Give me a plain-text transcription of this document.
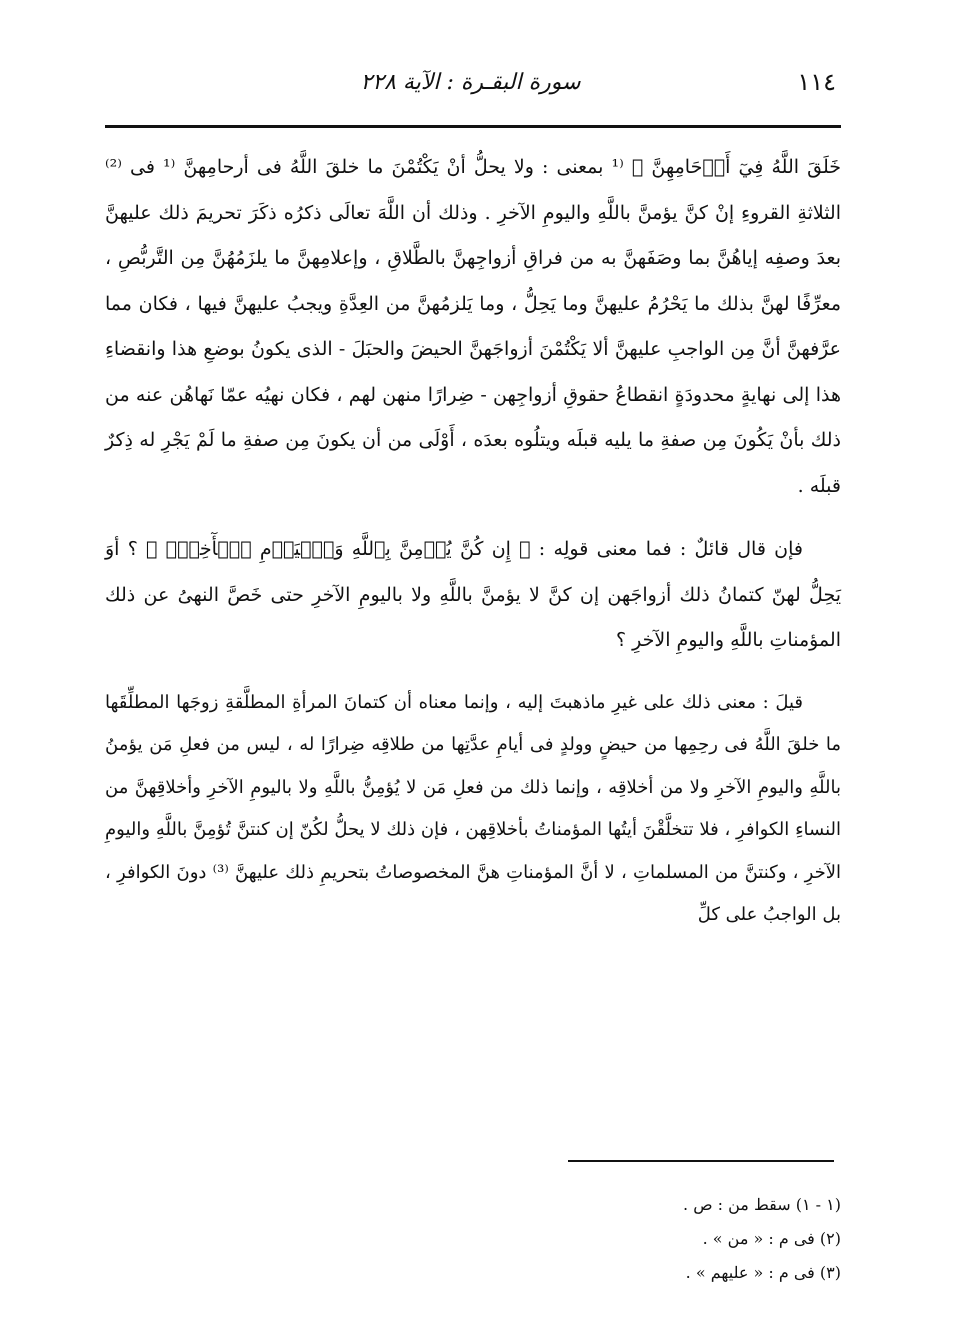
١١٤
سورة البقـرة : الآية ٢٢٨

خَلَقَ اللَّهُ فِيٓ أَرۡحَامِهِنَّ ﴾ ⁽¹ بمعنى : ولا يحلُّ أنْ يَكْتُمْنَ ما خلقَ اللَّهُ فى أرحامِهنَّ ⁽¹ فى ⁽²⁾ الثلاثةِ القروءِ إنْ كنَّ يؤمنَّ باللَّهِ واليومِ الآخرِ . وذلك أن اللَّهَ تعالَى ذكرُه ذكَرَ تحريمَ ذلك عليهنَّ بعدَ وصفِه إياهُنَّ بما وصَفَهنَّ به من فراقِ أزواجِهنَّ بالطَّلاقِ ، وإعلامِهنَّ ما يلزَمُهُنَّ مِن التَّربُّصِ ، معرِّفًا لهنَّ بذلك ما يَحْرُمُ عليهنَّ وما يَحِلُّ ، وما يَلزمُهنَّ من العِدَّةِ ويجبُ عليهنَّ فيها ، فكان مما عرَّفهنَّ أنَّ مِن الواجبِ عليهنَّ ألا يَكْتُمْنَ أزواجَهنَّ الحيضَ والحبَلَ - الذى يكونُ بوضعِ هذا وانقضاءِ هذا إلى نهايةٍ محدودَةٍ انقطاعُ حقوقِ أزواجِهن - ضِرارًا منهن لهم ، فكان نهيُه عمّا نَهاهُن عنه من ذلك بأنْ يَكُونَ مِن صفةِ ما يليه قبلَه ويتلُوه بعدَه ، أَوْلَى من أن يكونَ مِن صفةِ ما لَمْ يَجْرِ له ذِكرٌ قبلَه .

فإن قال قائلٌ : فما معنى قولِه : ﴿ إِن كُنَّ يُؤۡمِنَّ بِٱللَّهِ وَٱلۡيَوۡمِ ٱلۡأٓخِرِۚ ﴾ ؟ أوَ يَحِلُّ لهنّ كتمانُ ذلك أزواجَهن إن كنَّ لا يؤمنَّ باللَّهِ ولا باليومِ الآخرِ حتى خَصَّ النهىُ عن ذلك المؤمناتِ باللَّهِ واليومِ الآخرِ ؟

قيلَ : معنى ذلك على غيرِ ماذهبتَ إليه ، وإنما معناه أن كتمانَ المرأةِ المطلَّقةِ زوجَها المطلِّقَها ما خلقَ اللَّهُ فى رحِمِها من حيضٍ وولدٍ فى أيامِ عدَّتِها من طلاقِه ضِرارًا له ، ليس من فعلِ مَن يؤمنُ باللَّهِ واليومِ الآخرِ ولا من أخلاقِه ، وإنما ذلك من فعلِ مَن لا يُؤمِنُّ باللَّهِ ولا باليومِ الآخرِ وأخلاقِهنَّ من النساءِ الكوافرِ ، فلا تتخلَّقْنَ أيتُها المؤمناتُ بأخلاقِهن ، فإن ذلك لا يحلُّ لكُنّ إن كنتنَّ تُؤمِنَّ باللَّهِ واليومِ الآخرِ ، وكنتنَّ من المسلماتِ ، لا أنَّ المؤمناتِ هنَّ المخصوصاتُ بتحريمِ ذلك عليهنَّ ⁽³⁾ دونَ الكوافرِ ، بل الواجبُ على كلِّ

(١ - ١) سقط من : ص .

(٢) فى م : « من » .

(٣) فى م : « عليهم » .
